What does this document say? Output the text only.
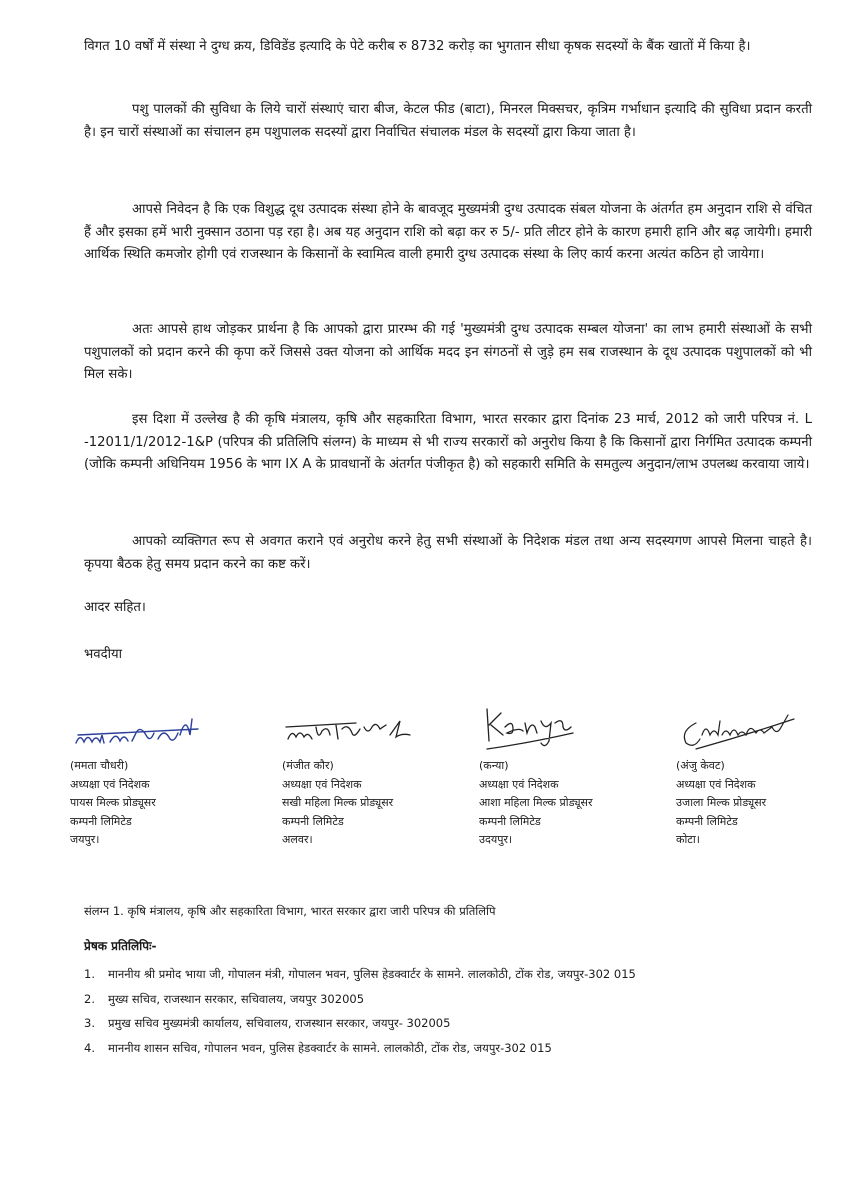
विगत 10 वर्षों में संस्था ने दुग्ध क्रय, डिविडेंड इत्यादि के पेटे करीब रु 8732 करोड़ का भुगतान सीधा कृषक सदस्यों के बैंक खातों में किया है।

पशु पालकों की सुविधा के लिये चारों संस्थाएं चारा बीज, केटल फीड (बाटा), मिनरल मिक्सचर, कृत्रिम गर्भाधान इत्यादि की सुविधा प्रदान करती है। इन चारों संस्थाओं का संचालन हम पशुपालक सदस्यों द्वारा निर्वाचित संचालक मंडल के सदस्यों द्वारा किया जाता है।

आपसे निवेदन है कि एक विशुद्ध दूध उत्पादक संस्था होने के बावजूद मुख्यमंत्री दुग्ध उत्पादक संबल योजना के अंतर्गत हम अनुदान राशि से वंचित हैं और इसका हमें भारी नुक्सान उठाना पड़ रहा है। अब यह अनुदान राशि को बढ़ा कर रु 5/- प्रति लीटर होने के कारण हमारी हानि और बढ़ जायेगी। हमारी आर्थिक स्थिति कमजोर होगी एवं राजस्थान के किसानों के स्वामित्व वाली हमारी दुग्ध उत्पादक संस्था के लिए कार्य करना अत्यंत कठिन हो जायेगा।

अतः आपसे हाथ जोड़कर प्रार्थना है कि आपको द्वारा प्रारम्भ की गई 'मुख्यमंत्री दुग्ध उत्पादक सम्बल योजना' का लाभ हमारी संस्थाओं के सभी पशुपालकों को प्रदान करने की कृपा करें जिससे उक्त योजना को आर्थिक मदद इन संगठनों से जुड़े हम सब राजस्थान के दूध उत्पादक पशुपालकों को भी मिल सके।

इस दिशा में उल्लेख है की कृषि मंत्रालय, कृषि और सहकारिता विभाग, भारत सरकार द्वारा दिनांक 23 मार्च, 2012 को जारी परिपत्र नं. L -12011/1/2012-1&P (परिपत्र की प्रतिलिपि संलग्न) के माध्यम से भी राज्य सरकारों को अनुरोध किया है कि किसानों द्वारा निर्गमित उत्पादक कम्पनी (जोकि कम्पनी अधिनियम 1956 के भाग IX A के प्रावधानों के अंतर्गत पंजीकृत है) को सहकारी समिति के समतुल्य अनुदान/लाभ उपलब्ध करवाया जाये।

आपको व्यक्तिगत रूप से अवगत कराने एवं अनुरोध करने हेतु सभी संस्थाओं के निदेशक मंडल तथा अन्य सदस्यगण आपसे मिलना चाहते है। कृपया बैठक हेतु समय प्रदान करने का कष्ट करें।

आदर सहित।
भवदीया
(ममता चौधरी)
अध्यक्षा एवं निदेशक
पायस मिल्क प्रोड्यूसर
कम्पनी लिमिटेड
जयपुर।
(मंजीत कौर)
अध्यक्षा एवं निदेशक
सखी महिला मिल्क प्रोड्यूसर
कम्पनी लिमिटेड
अलवर।
(कन्या)
अध्यक्षा एवं निदेशक
आशा महिला मिल्क प्रोड्यूसर
कम्पनी लिमिटेड
उदयपुर।
(अंजु केवट)
अध्यक्षा एवं निदेशक
उजाला मिल्क प्रोड्यूसर
कम्पनी लिमिटेड
कोटा।
संलग्न 1. कृषि मंत्रालय, कृषि और सहकारिता विभाग, भारत सरकार द्वारा जारी परिपत्र की प्रतिलिपि
प्रेषक प्रतिलिपिः-
1.	माननीय श्री प्रमोद भाया जी, गोपालन मंत्री, गोपालन भवन, पुलिस हेडक्वार्टर के सामने. लालकोठी, टोंक रोड, जयपुर-302 015
2.	मुख्य सचिव, राजस्थान सरकार, सचिवालय, जयपुर 302005
3.	प्रमुख सचिव मुख्यमंत्री कार्यालय, सचिवालय, राजस्थान सरकार, जयपुर- 302005
4.	माननीय शासन सचिव, गोपालन भवन, पुलिस हेडक्वार्टर के सामने. लालकोठी, टोंक रोड, जयपुर-302 015
